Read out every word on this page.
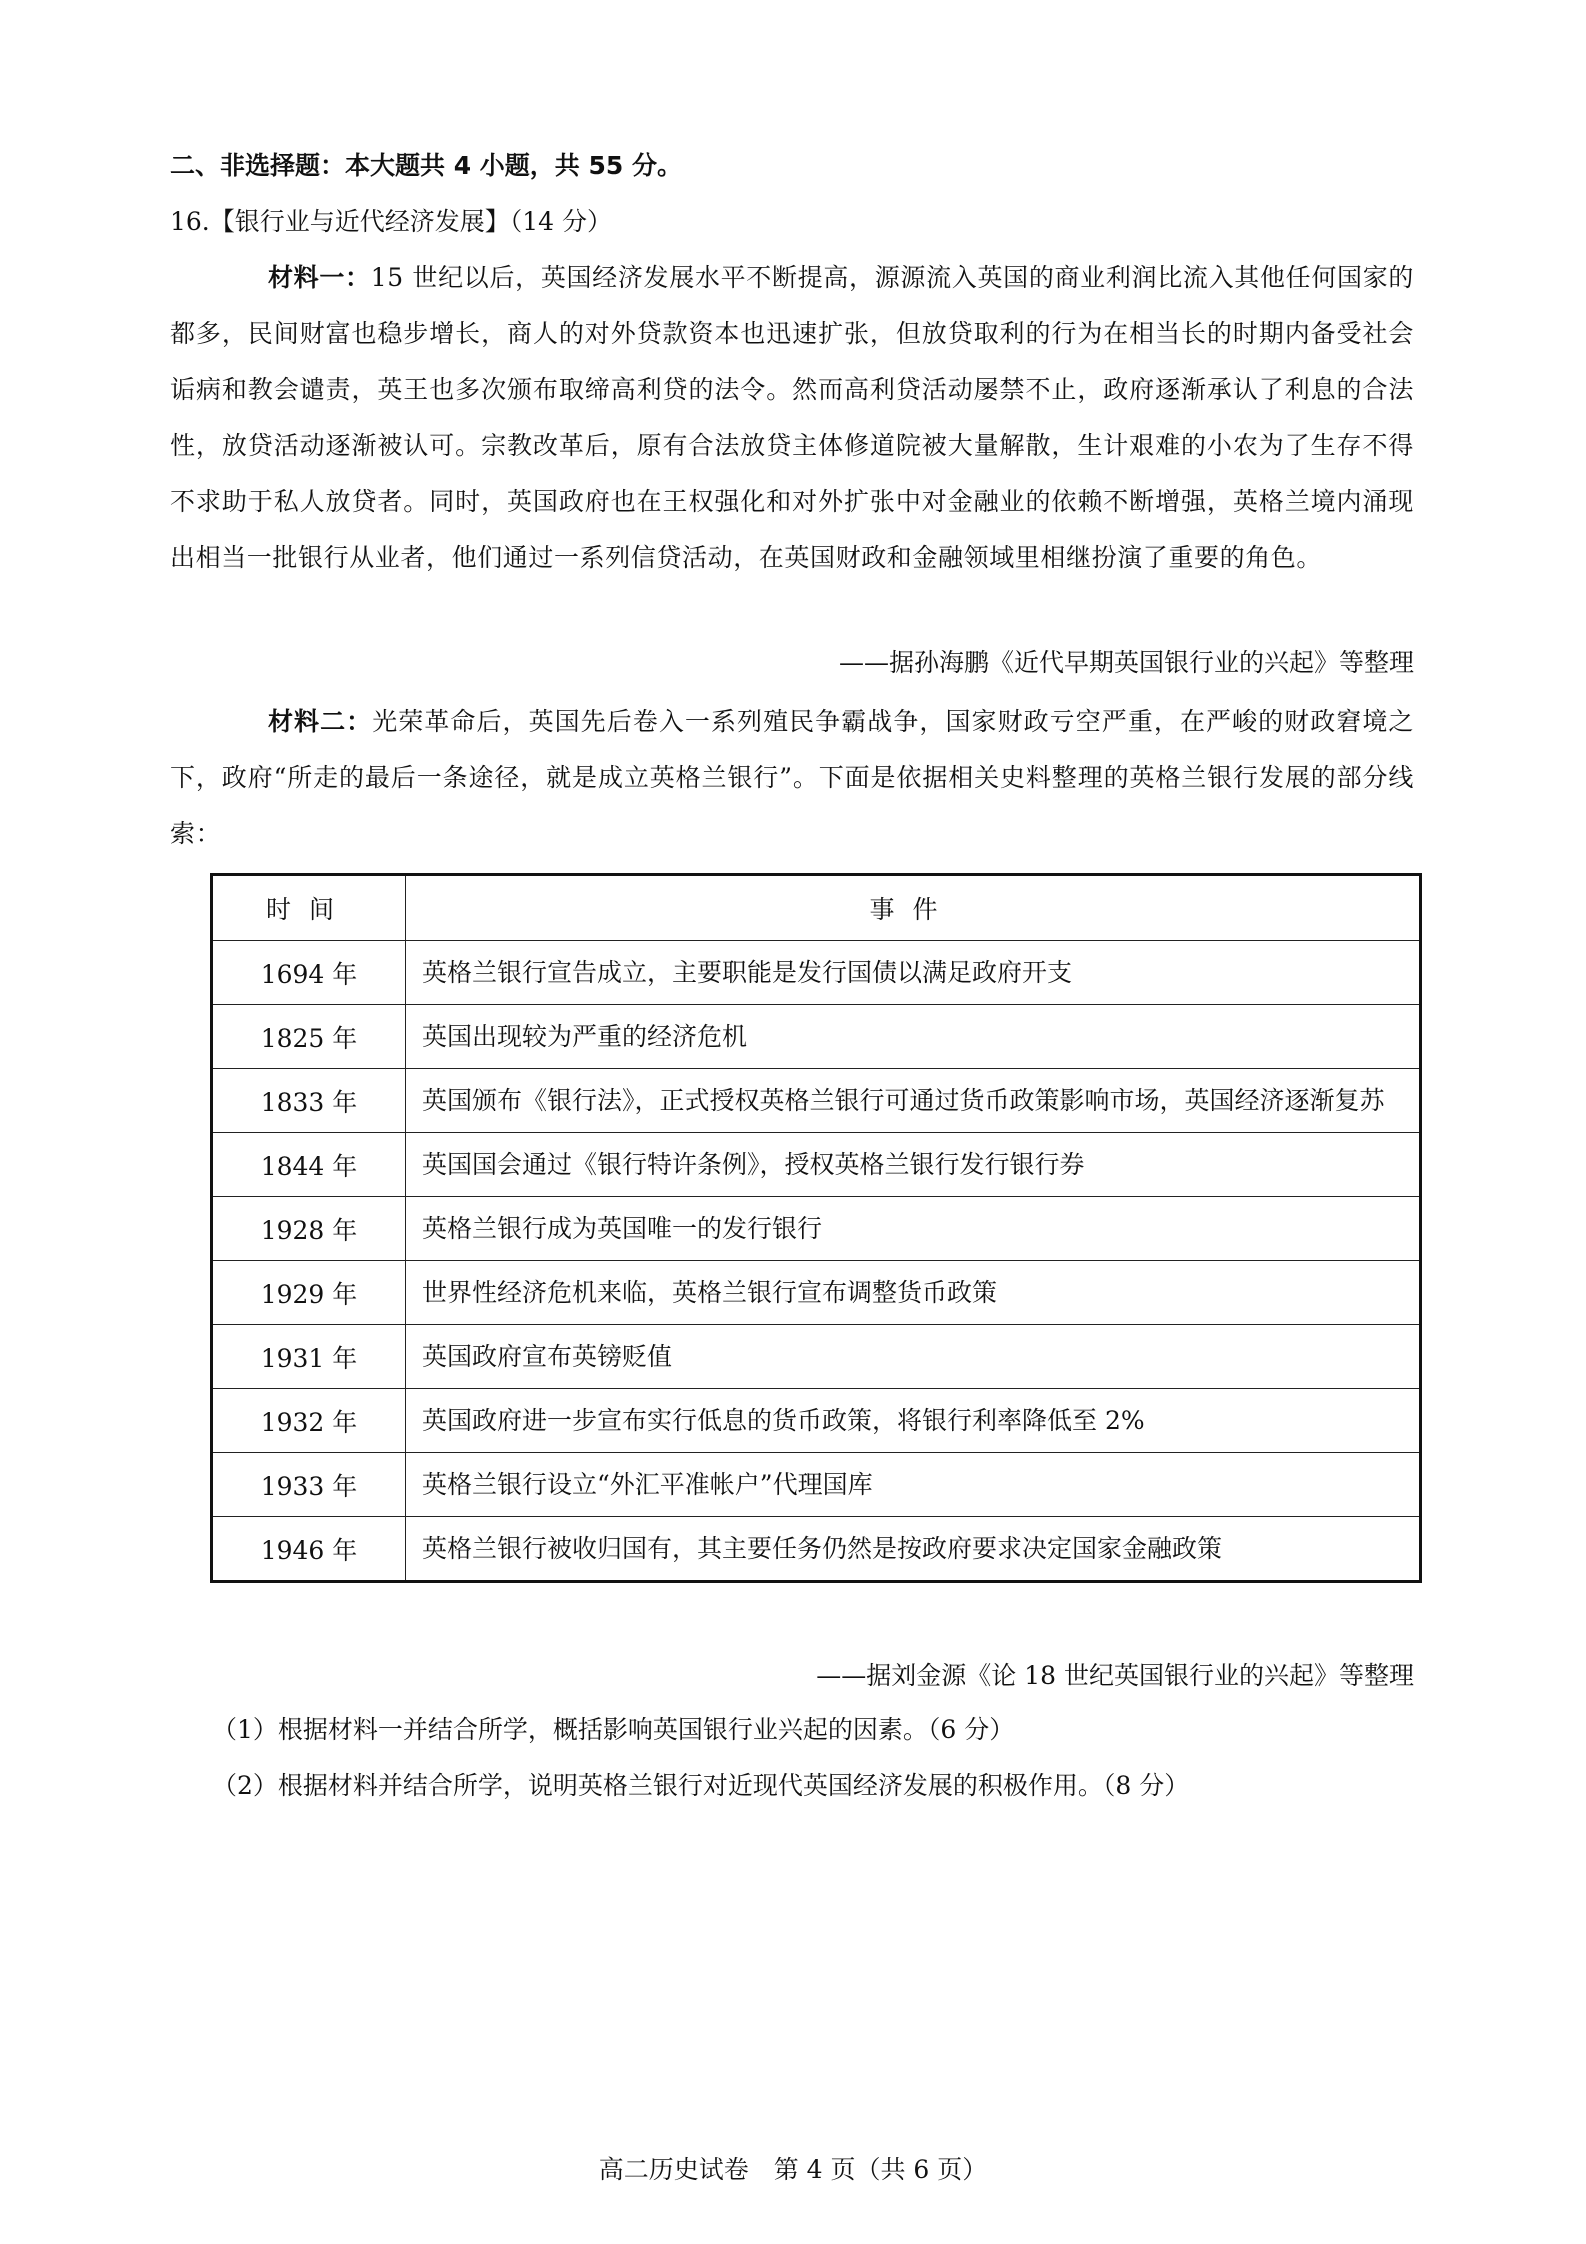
二、非选择题：本大题共 4 小题，共 55 分。
16.【银行业与近代经济发展】（14 分）
材料一：15 世纪以后，英国经济发展水平不断提高，源源流入英国的商业利润比流入其他任何国家的都多，民间财富也稳步增长，商人的对外贷款资本也迅速扩张，但放贷取利的行为在相当长的时期内备受社会诟病和教会谴责，英王也多次颁布取缔高利贷的法令。然而高利贷活动屡禁不止，政府逐渐承认了利息的合法性，放贷活动逐渐被认可。宗教改革后，原有合法放贷主体修道院被大量解散，生计艰难的小农为了生存不得不求助于私人放贷者。同时，英国政府也在王权强化和对外扩张中对金融业的依赖不断增强，英格兰境内涌现出相当一批银行从业者，他们通过一系列信贷活动，在英国财政和金融领域里相继扮演了重要的角色。
——据孙海鹏《近代早期英国银行业的兴起》等整理
材料二：光荣革命后，英国先后卷入一系列殖民争霸战争，国家财政亏空严重，在严峻的财政窘境之下，政府“所走的最后一条途径，就是成立英格兰银行”。下面是依据相关史料整理的英格兰银行发展的部分线索：
时间	事件
1694 年	英格兰银行宣告成立，主要职能是发行国债以满足政府开支
1825 年	英国出现较为严重的经济危机
1833 年	英国颁布《银行法》，正式授权英格兰银行可通过货币政策影响市场，英国经济逐渐复苏
1844 年	英国国会通过《银行特许条例》，授权英格兰银行发行银行券
1928 年	英格兰银行成为英国唯一的发行银行
1929 年	世界性经济危机来临，英格兰银行宣布调整货币政策
1931 年	英国政府宣布英镑贬值
1932 年	英国政府进一步宣布实行低息的货币政策，将银行利率降低至 2%
1933 年	英格兰银行设立“外汇平准帐户”代理国库
1946 年	英格兰银行被收归国有，其主要任务仍然是按政府要求决定国家金融政策
——据刘金源《论 18 世纪英国银行业的兴起》等整理
（1）根据材料一并结合所学，概括影响英国银行业兴起的因素。（6 分）
（2）根据材料并结合所学，说明英格兰银行对近现代英国经济发展的积极作用。（8 分）
高二历史试卷　第 4 页（共 6 页）
